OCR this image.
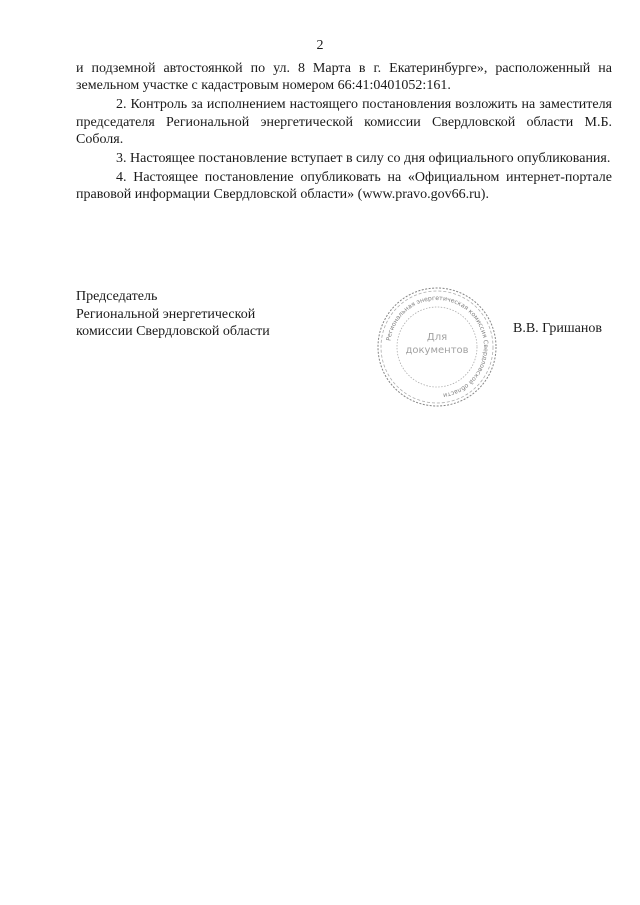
2

и подземной автостоянкой по ул. 8 Марта в г. Екатеринбурге», расположенный на земельном участке с кадастровым номером 66:41:0401052:161.

2. Контроль за исполнением настоящего постановления возложить на заместителя председателя Региональной энергетической комиссии Свердловской области М.Б. Соболя.

3. Настоящее постановление вступает в силу со дня официального опубликования.

4. Настоящее постановление опубликовать на «Официальном интернет-портале правовой информации Свердловской области» (www.pravo.gov66.ru).

Председатель
Региональной энергетической
комиссии Свердловской области
Региональная энергетическая комиссия Свердловской области
Для
документов
В.В. Гришанов
